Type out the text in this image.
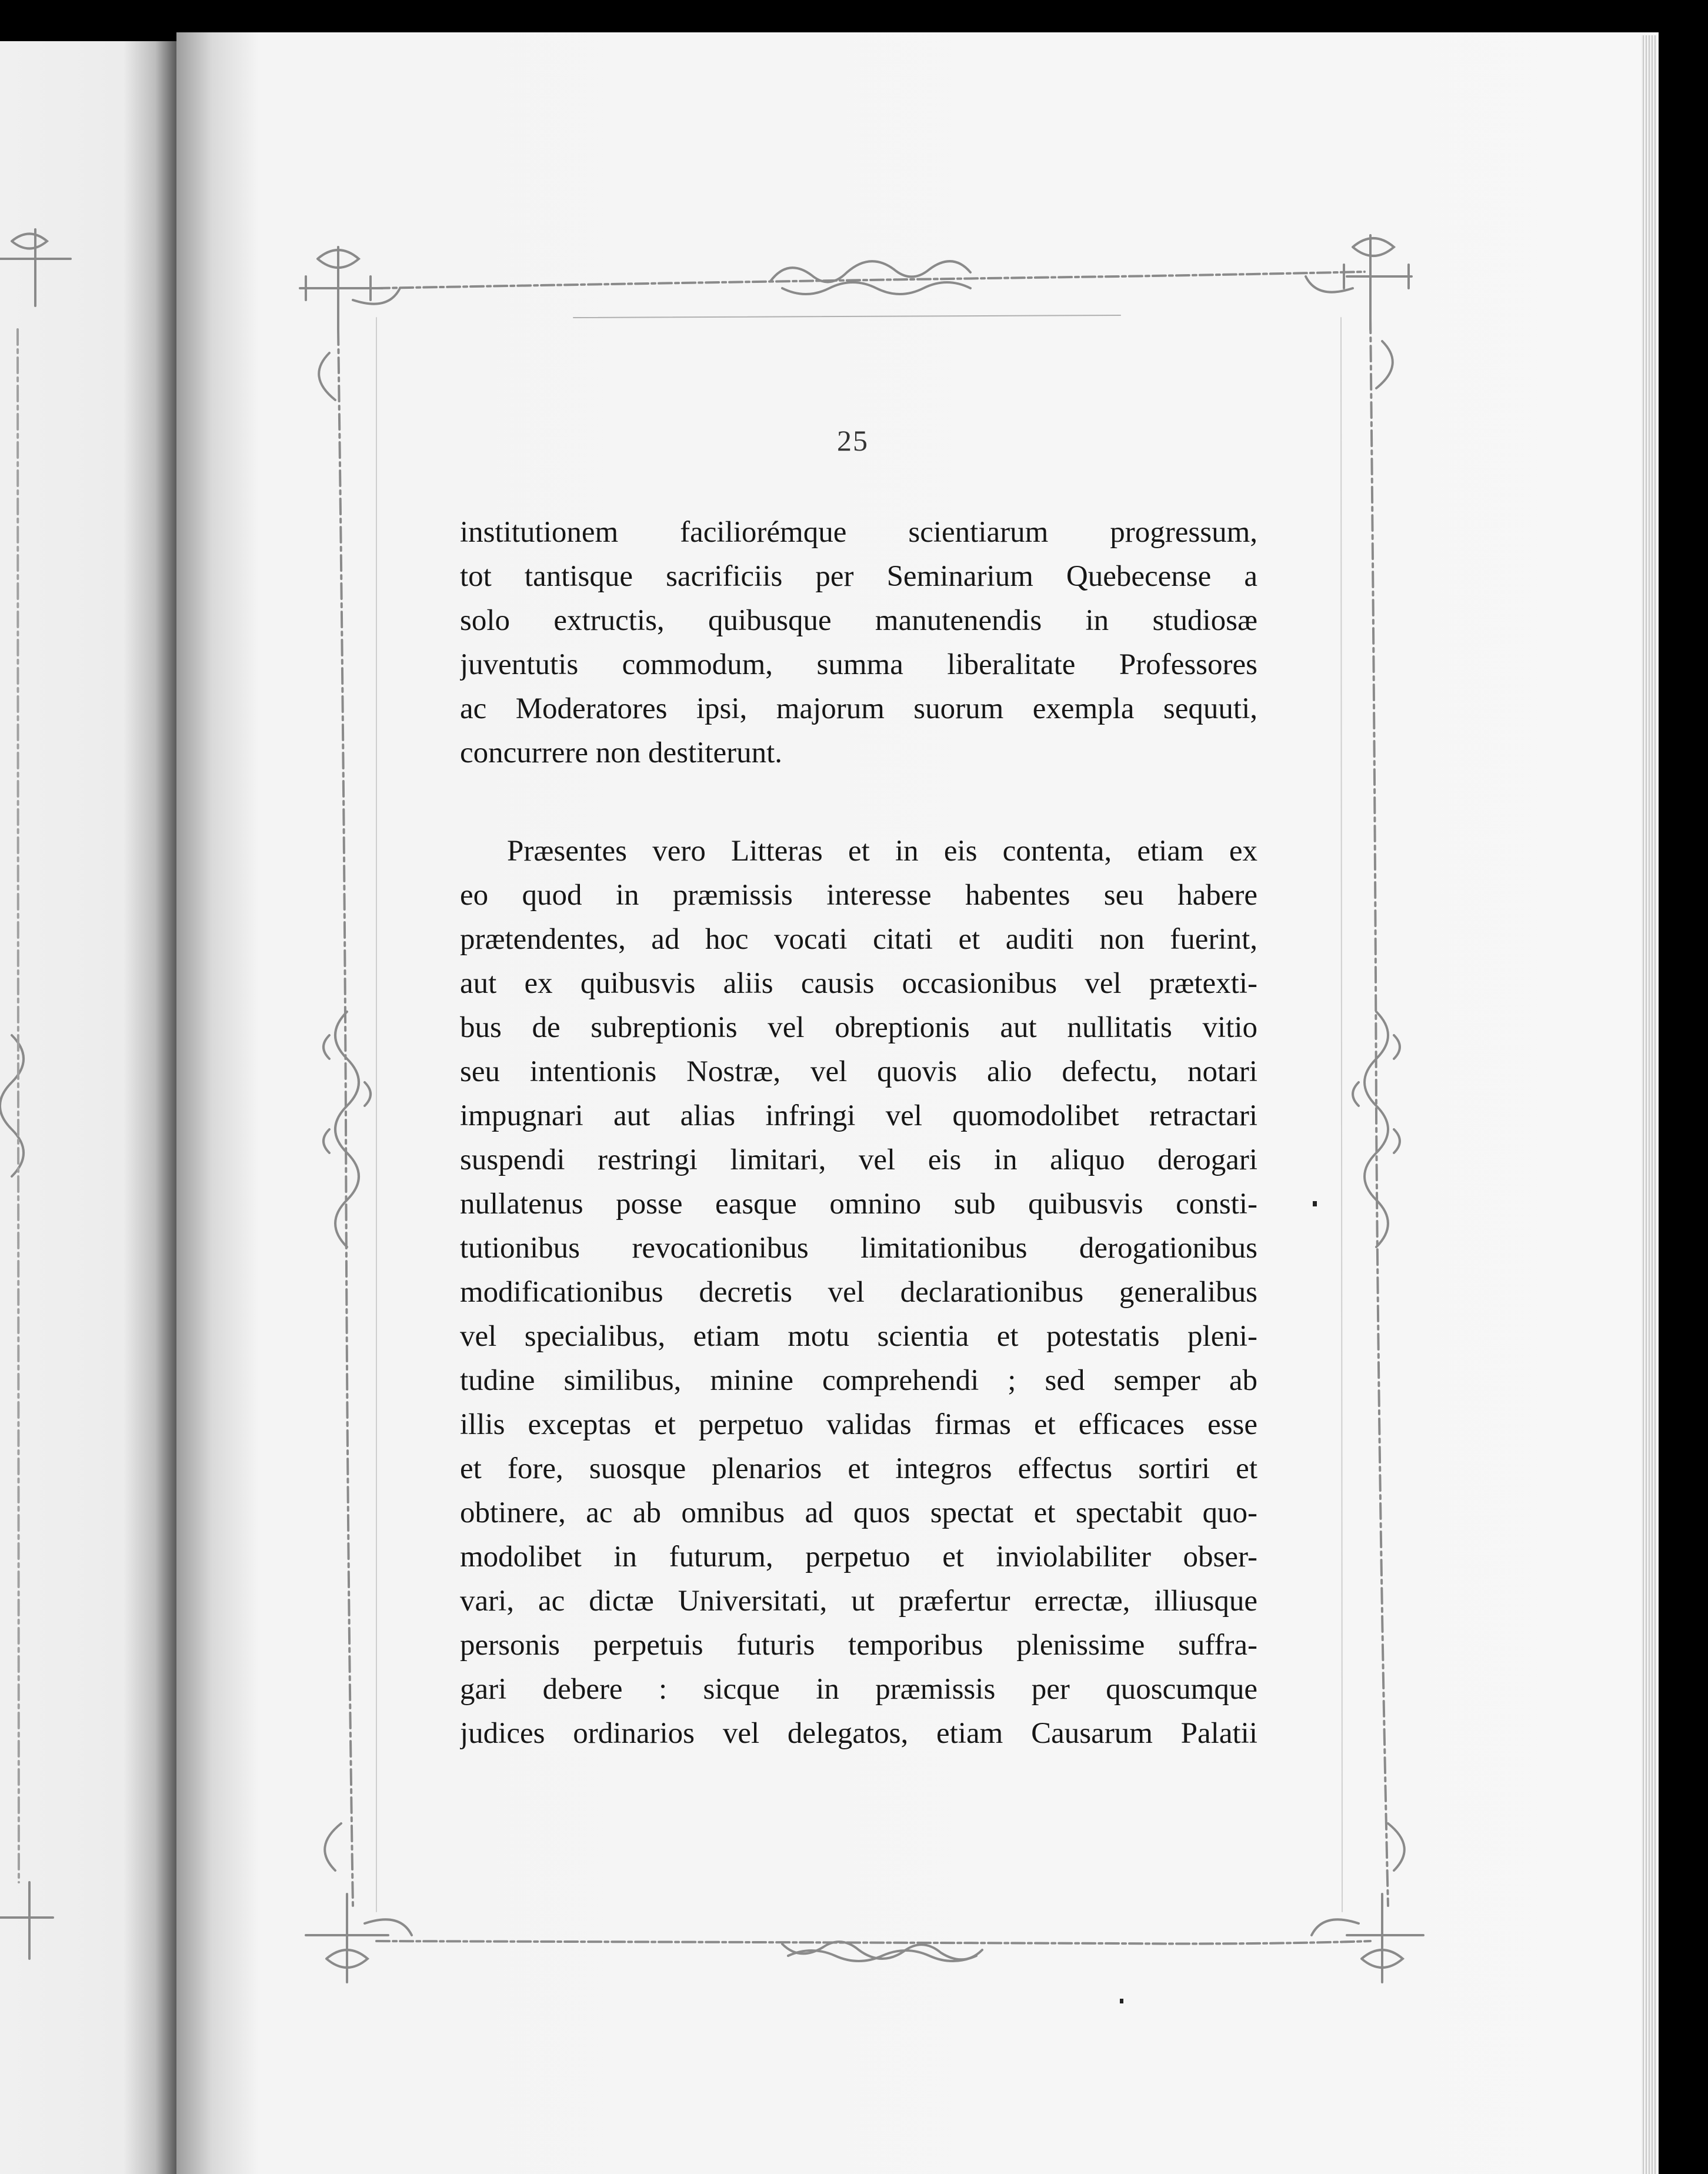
25
institutionem faciliorémque scientiarum progressum,
tot tantisque sacrificiis per Seminarium Quebecense a
solo extructis, quibusque manutenendis in studiosæ
juventutis commodum, summa liberalitate Professores
ac Moderatores ipsi, majorum suorum exempla sequuti,
concurrere non destiterunt.
Præsentes vero Litteras et in eis contenta, etiam ex
eo quod in præmissis interesse habentes seu habere
prætendentes, ad hoc vocati citati et auditi non fuerint,
aut ex quibusvis aliis causis occasionibus vel prætexti-
bus de subreptionis vel obreptionis aut nullitatis vitio
seu intentionis Nostræ, vel quovis alio defectu, notari
impugnari aut alias infringi vel quomodolibet retractari
suspendi restringi limitari, vel eis in aliquo derogari
nullatenus posse easque omnino sub quibusvis consti-
tutionibus revocationibus limitationibus derogationibus
modificationibus decretis vel declarationibus generalibus
vel specialibus, etiam motu scientia et potestatis pleni-
tudine similibus, minine comprehendi ; sed semper ab
illis exceptas et perpetuo validas firmas et efficaces esse
et fore, suosque plenarios et integros effectus sortiri et
obtinere, ac ab omnibus ad quos spectat et spectabit quo-
modolibet in futurum, perpetuo et inviolabiliter obser-
vari, ac dictæ Universitati, ut præfertur errectæ, illiusque
personis perpetuis futuris temporibus plenissime suffra-
gari debere : sicque in præmissis per quoscumque
judices ordinarios vel delegatos, etiam Causarum Palatii
